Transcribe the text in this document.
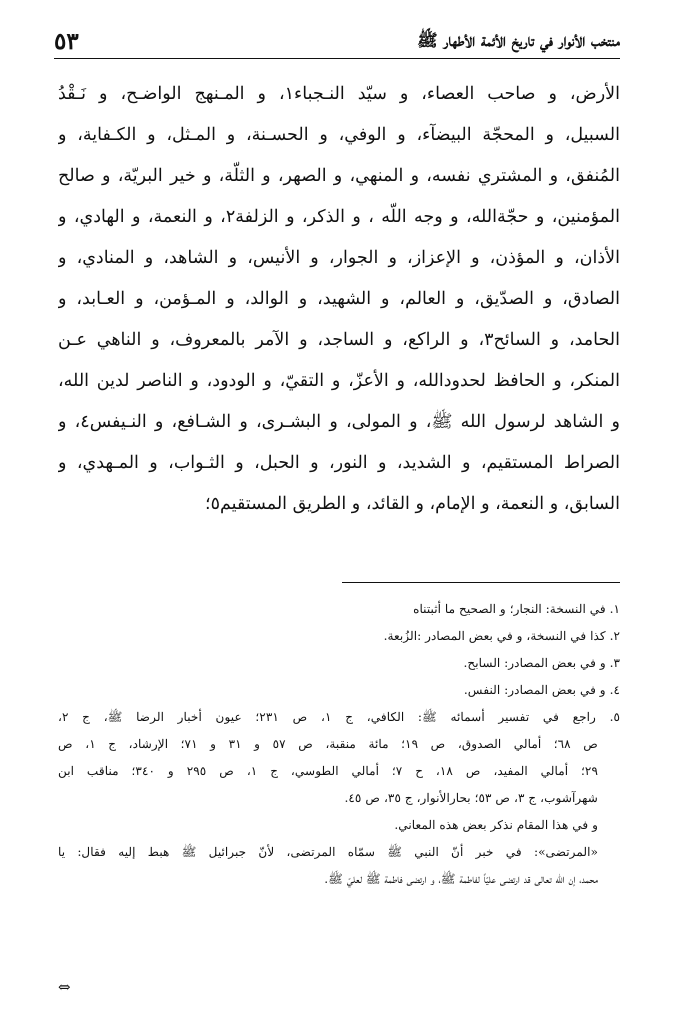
منتخب الأنوار في تاريخ الأئمة الأطهار ﷺ
٥٣
الأرض، و صاحب العصاء، و سيّد النـجباء١، و المـنهج الواضـح، و نَـقْدُ
السبيل، و المحجّة البيضآء، و الوفي، و الحسـنة، و المـثل، و الكـفاية، و
المُنفق، و المشتري نفسه، و المنهي، و الصهر، و الثلّة، و خير البريّة، و صالح
المؤمنين، و حجّةالله، و وجه اللّه ، و الذكر، و الزلفة٢، و النعمة، و الهادي، و
الأذان، و المؤذن، و الإعزاز، و الجوار، و الأنيس، و الشاهد، و المنادي، و
الصادق، و الصدّيق، و العالم، و الشهيد، و الوالد، و المـؤمن، و العـابد، و
الحامد، و السائح٣، و الراكع، و الساجد، و الآمر بالمعروف، و الناهي عـن
المنكر، و الحافظ لحدودالله، و الأعزّ، و التقيّ، و الودود، و الناصر لدين الله،
و الشاهد لرسول الله ﷺ، و المولى، و البشـرى، و الشـافع، و النـيفس٤، و
الصراط المستقيم، و الشديد، و النور، و الحبل، و الثـواب، و المـهدي، و
السابق، و النعمة، و الإمام، و القائد، و الطريق المستقيم٥؛
١. في النسخة: النجار؛ و الصحيح ما أثبتناه
٢. كذا في النسخة، و في بعض المصادر :الزُبعة.
٣. و في بعض المصادر: السابح.
٤. و في بعض المصادر: النفس.
٥. راجع في تفسير أسمائه ﷺ: الكافي، ج ١، ص ٢٣١؛ عيون أخبار الرضا ﷺ، ج ٢،
ص ٦٨؛ أمالي الصدوق، ص ١٩؛ مائة منقبة، ص ٥٧ و ٣١ و ٧١؛ الإرشاد، ج ١، ص
٢٩؛ أمالي المفيد، ص ١٨، ح ٧؛ أمالي الطوسي، ج ١، ص ٢٩٥ و ٣٤٠؛ مناقب ابن
شهرآشوب، ج ٣، ص ٥٣؛ بحارالأنوار، ج ٣٥، ص ٤٥.
و في هذا المقام نذكر بعض هذه المعاني.
«المرتضى»: في خبر أنّ النبي ﷺ سمّاه المرتضى، لأنّ جبرائيل ﷺ هبط إليه فقال: يا
محمد، إن الله تعالى قد ارتضى عليّاً لفاطمة ﷺ، و ارتضى فاطمة ﷺ لعليّ ﷺ.
⇔
